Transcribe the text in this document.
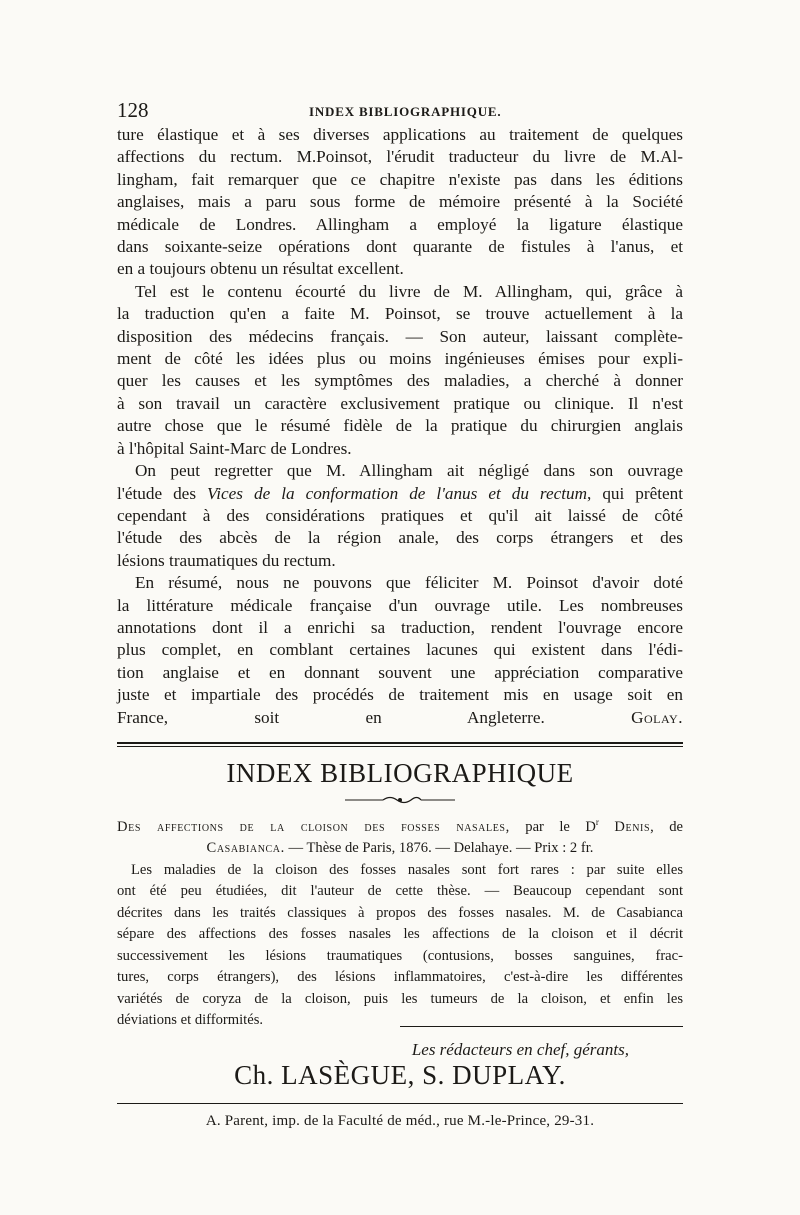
128	INDEX BIBLIOGRAPHIQUE.

ture élastique et à ses diverses applications au traitement de quelques

affections du rectum. M.Poinsot, l'érudit traducteur du livre de M.Al-

lingham, fait remarquer que ce chapitre n'existe pas dans les éditions

anglaises, mais a paru sous forme de mémoire présenté à la Société

médicale de Londres. Allingham a employé la ligature élastique

dans soixante-seize opérations dont quarante de fistules à l'anus, et

en a toujours obtenu un résultat excellent.

Tel est le contenu écourté du livre de M. Allingham, qui, grâce à

la traduction qu'en a faite M. Poinsot, se trouve actuellement à la

disposition des médecins français. — Son auteur, laissant complète-

ment de côté les idées plus ou moins ingénieuses émises pour expli-

quer les causes et les symptômes des maladies, a cherché à donner

à son travail un caractère exclusivement pratique ou clinique. Il n'est

autre chose que le résumé fidèle de la pratique du chirurgien anglais

à l'hôpital Saint-Marc de Londres.

On peut regretter que M. Allingham ait négligé dans son ouvrage

l'étude des Vices de la conformation de l'anus et du rectum, qui prêtent

cependant à des considérations pratiques et qu'il ait laissé de côté

l'étude des abcès de la région anale, des corps étrangers et des

lésions traumatiques du rectum.

En résumé, nous ne pouvons que féliciter M. Poinsot d'avoir doté

la littérature médicale française d'un ouvrage utile. Les nombreuses

annotations dont il a enrichi sa traduction, rendent l'ouvrage encore

plus complet, en comblant certaines lacunes qui existent dans l'édi-

tion anglaise et en donnant souvent une appréciation comparative

juste et impartiale des procédés de traitement mis en usage soit en

France, soit en Angleterre.	Golay.

INDEX BIBLIOGRAPHIQUE

Des affections de la cloison des fosses nasales, par le $D^r$ Denis, de

Casabianca. — Thèse de Paris, 1876. — Delahaye. — Prix : 2 fr.

Les maladies de la cloison des fosses nasales sont fort rares : par suite elles

ont été peu étudiées, dit l'auteur de cette thèse. — Beaucoup cependant sont

décrites dans les traités classiques à propos des fosses nasales. M. de Casabianca

sépare des affections des fosses nasales les affections de la cloison et il décrit

successivement les lésions traumatiques (contusions, bosses sanguines, frac-

tures, corps étrangers), des lésions inflammatoires, c'est-à-dire les différentes

variétés de coryza de la cloison, puis les tumeurs de la cloison, et enfin les

déviations et difformités.

Les rédacteurs en chef, gérants,
Ch. LASÈGUE, S. DUPLAY.
A. Parent, imp. de la Faculté de méd., rue M.-le-Prince, 29-31.
